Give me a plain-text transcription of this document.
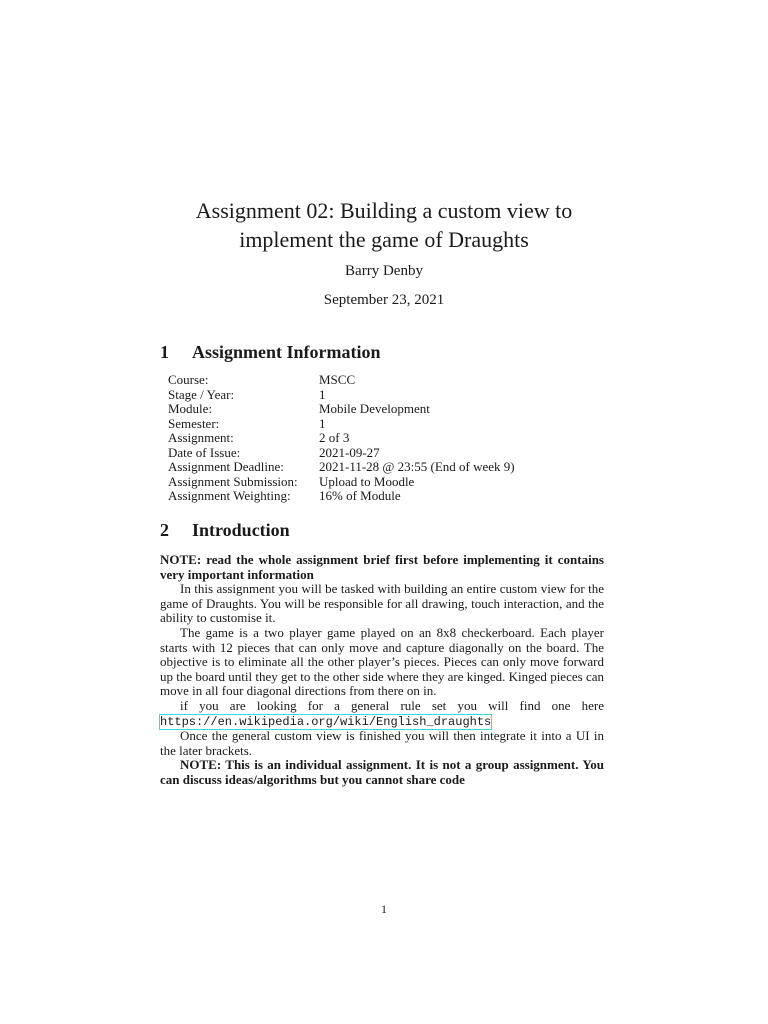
Assignment 02: Building a custom view to
implement the game of Draughts
Barry Denby
September 23, 2021
1 Assignment Information
Course:	MSCC
Stage / Year:	1
Module:	Mobile Development
Semester:	1
Assignment:	2 of 3
Date of Issue:	2021-09-27
Assignment Deadline:	2021-11-28 @ 23:55 (End of week 9)
Assignment Submission:	Upload to Moodle
Assignment Weighting:	16% of Module
2 Introduction

NOTE: read the whole assignment brief first before implementing it contains very important information

In this assignment you will be tasked with building an entire custom view for the game of Draughts. You will be responsible for all drawing, touch interaction, and the ability to customise it.

The game is a two player game played on an 8x8 checkerboard. Each player starts with 12 pieces that can only move and capture diagonally on the board. The objective is to eliminate all the other player’s pieces. Pieces can only move forward up the board until they get to the other side where they are kinged. Kinged pieces can move in all four diagonal directions from there on in.

if you are looking for a general rule set you will find one here https://en.wikipedia.org/wiki/English_draughts

Once the general custom view is finished you will then integrate it into a UI in the later brackets.

NOTE: This is an individual assignment. It is not a group assignment. You can discuss ideas/algorithms but you cannot share code

1
